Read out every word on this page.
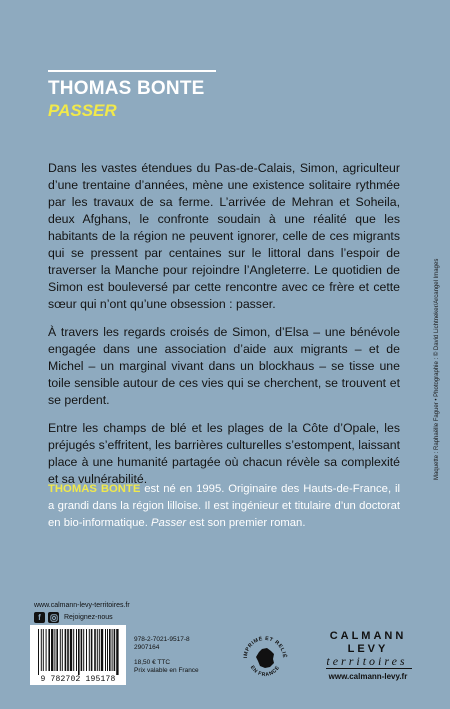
THOMAS BONTE
PASSER

Dans les vastes étendues du Pas-de-Calais, Simon, agriculteur d’une trentaine d’années, mène une existence solitaire rythmée par les travaux de sa ferme. L’arrivée de Mehran et Soheila, deux Afghans, le confronte soudain à une réalité que les habitants de la région ne peuvent ignorer, celle de ces migrants qui se pressent par centaines sur le littoral dans l’espoir de traverser la Manche pour rejoindre l’Angleterre. Le quotidien de Simon est bouleversé par cette rencontre avec ce frère et cette sœur qui n’ont qu’une obsession : passer.

À travers les regards croisés de Simon, d’Elsa – une bénévole engagée dans une association d’aide aux migrants – et de Michel – un marginal vivant dans un blockhaus – se tisse une toile sensible autour de ces vies qui se cherchent, se trouvent et se perdent.

Entre les champs de blé et les plages de la Côte d’Opale, les préjugés s’effritent, les barrières culturelles s’estompent, laissant place à une humanité partagée où chacun révèle sa complexité et sa vulnérabilité.

THOMAS BONTE est né en 1995. Originaire des Hauts-de-France, il a grandi dans la région lilloise. Il est ingénieur et titulaire d’un doctorat en bio-informatique. Passer est son premier roman.
Maquette : Raphaëlle Faguer • Photographie : © David Lichtneker/Arcangel Images
www.calmann-levy-territoires.fr
f	Rejoignez-nous
9 782702 195178
978-2-7021-9517-8
2907164
18,50 € TTC
Prix valable en France
IMPRIMÉ ET RELIÉ
EN FRANCE
CALMANN
LEVY
territoires
www.calmann-levy.fr
